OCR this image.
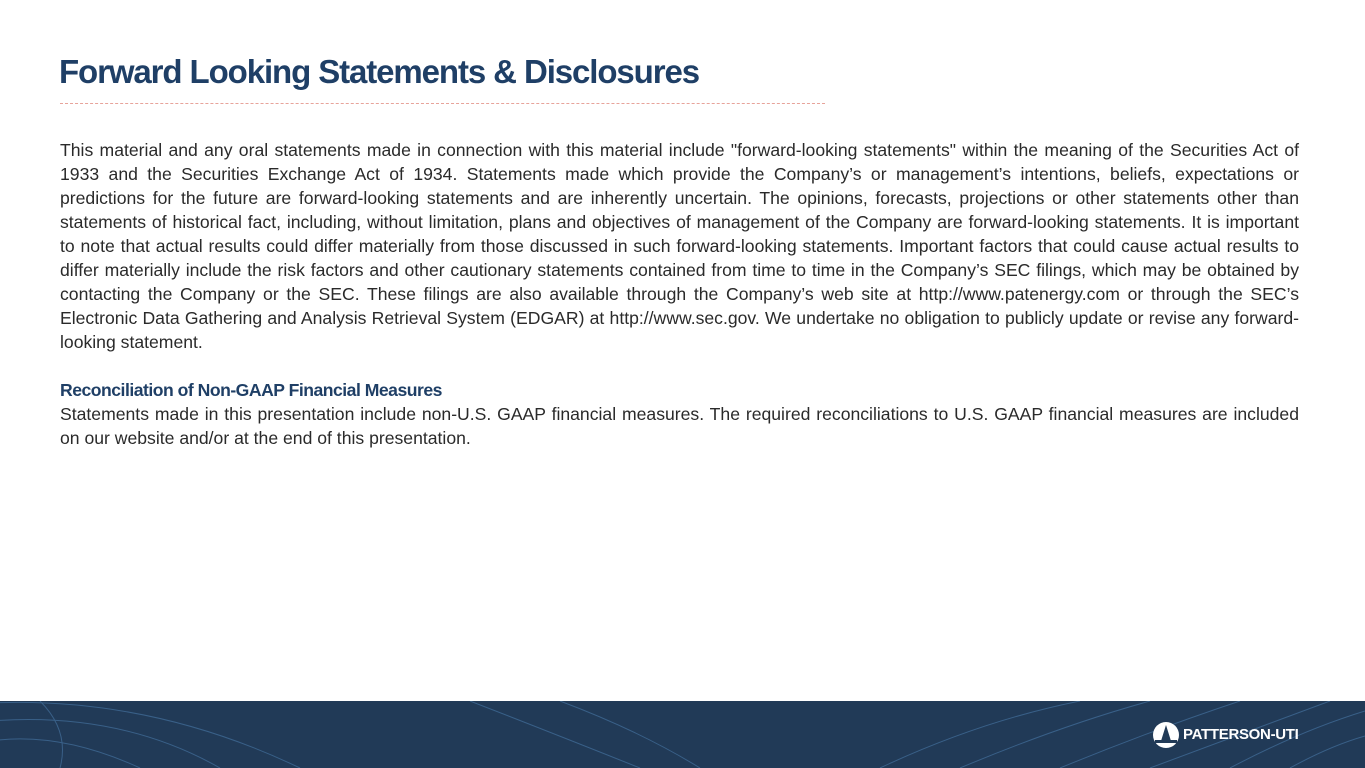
Forward Looking Statements & Disclosures

This material and any oral statements made in connection with this material include "forward-looking statements" within the meaning of the Securities Act of 1933 and the Securities Exchange Act of 1934. Statements made which provide the Company’s or management’s intentions, beliefs, expectations or predictions for the future are forward-looking statements and are inherently uncertain. The opinions, forecasts, projections or other statements other than statements of historical fact, including, without limitation, plans and objectives of management of the Company are forward-looking statements. It is important to note that actual results could differ materially from those discussed in such forward-looking statements. Important factors that could cause actual results to differ materially include the risk factors and other cautionary statements contained from time to time in the Company’s SEC filings, which may be obtained by contacting the Company or the SEC. These filings are also available through the Company’s web site at http://www.patenergy.com or through the SEC’s Electronic Data Gathering and Analysis Retrieval System (EDGAR) at http://www.sec.gov. We undertake no obligation to publicly update or revise any forward-looking statement.

Reconciliation of Non-GAAP Financial Measures

Statements made in this presentation include non-U.S. GAAP financial measures. The required reconciliations to U.S. GAAP financial measures are included on our website and/or at the end of this presentation.

PATTERSON-UTI
